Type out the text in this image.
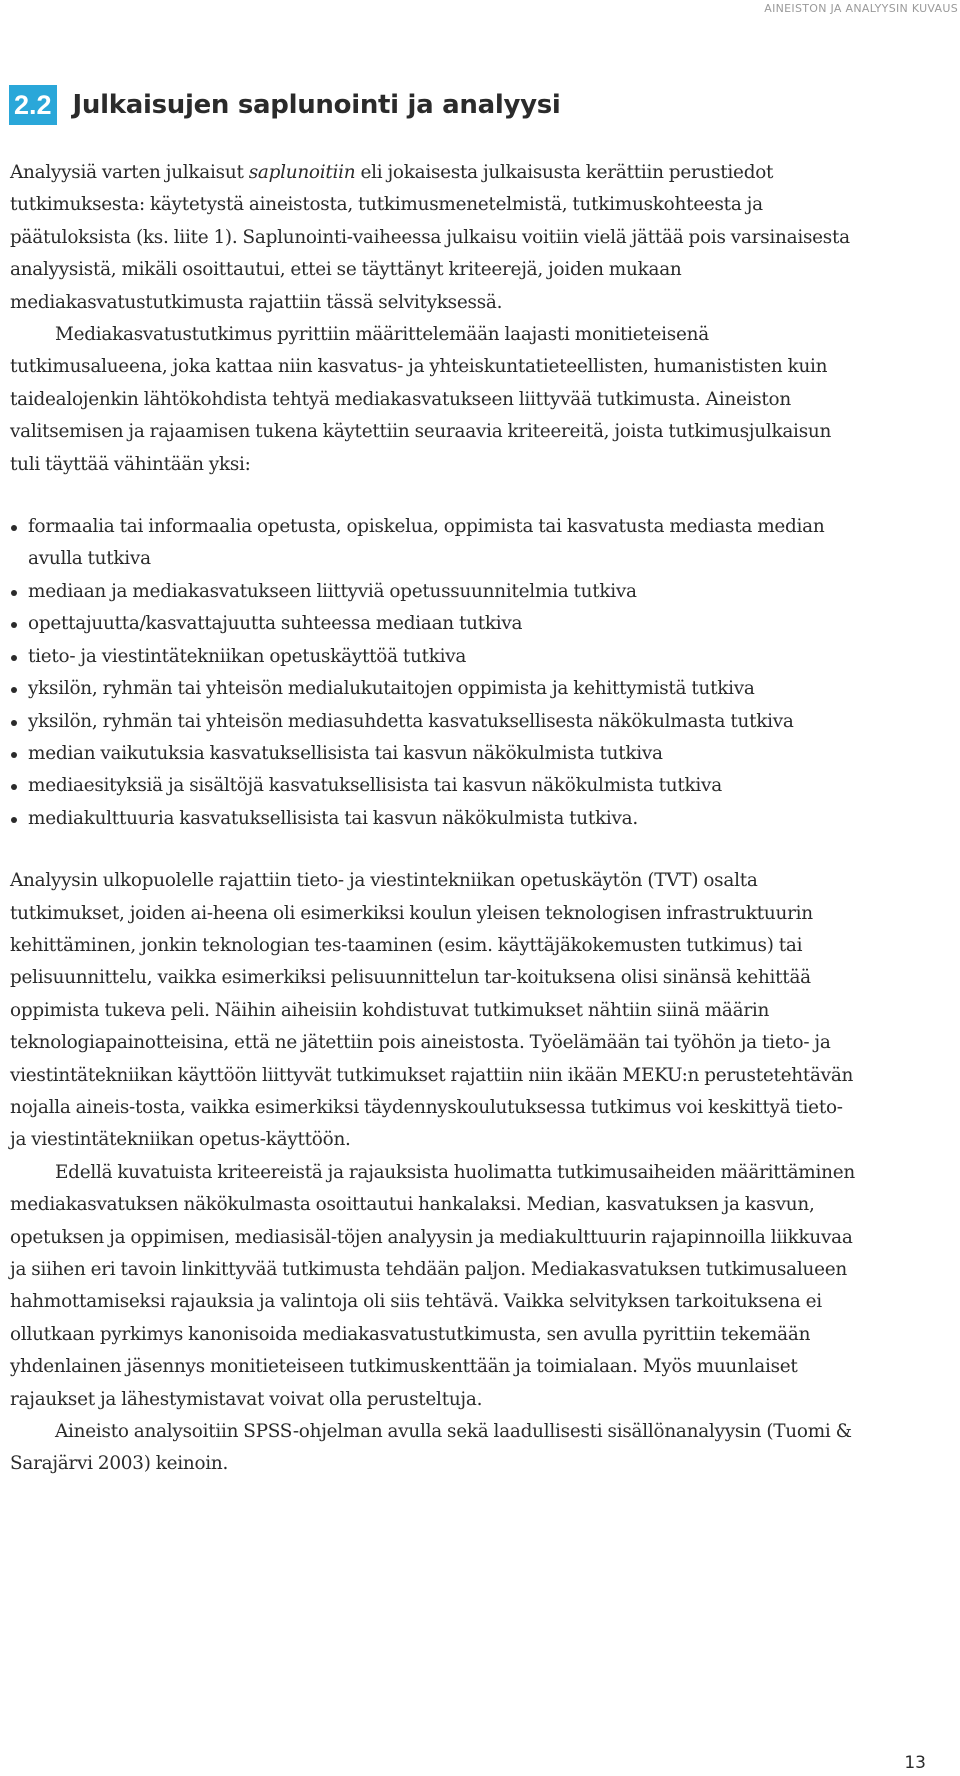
AINEISTON JA ANALYYSIN KUVAUS
2.2 Julkaisujen saplunointi ja analyysi

Analyysiä varten julkaisut saplunoitiin eli jokaisesta julkaisusta kerättiin perustiedot tutkimuksesta: käytetystä aineistosta, tutkimusmenetelmistä, tutkimuskohteesta ja päätuloksista (ks. liite 1). Saplunointi-vaiheessa julkaisu voitiin vielä jättää pois varsinaisesta analyysistä, mikäli osoittautui, ettei se täyttänyt kriteerejä, joiden mukaan mediakasvatustutkimusta rajattiin tässä selvityksessä.

Mediakasvatustutkimus pyrittiin määrittelemään laajasti monitieteisenä tutkimusalueena, joka kattaa niin kasvatus- ja yhteiskuntatieteellisten, humanististen kuin taidealojenkin lähtökohdista tehtyä mediakasvatukseen liittyvää tutkimusta. Aineiston valitsemisen ja rajaamisen tukena käytettiin seuraavia kriteereitä, joista tutkimusjulkaisun tuli täyttää vähintään yksi:

formaalia tai informaalia opetusta, opiskelua, oppimista tai kasvatusta mediasta median avulla tutkiva
mediaan ja mediakasvatukseen liittyviä opetussuunnitelmia tutkiva
opettajuutta/kasvattajuutta suhteessa mediaan tutkiva
tieto- ja viestintätekniikan opetuskäyttöä tutkiva
yksilön, ryhmän tai yhteisön medialukutaitojen oppimista ja kehittymistä tutkiva
yksilön, ryhmän tai yhteisön mediasuhdetta kasvatuksellisesta näkökulmasta tutkiva
median vaikutuksia kasvatuksellisista tai kasvun näkökulmista tutkiva
mediaesityksiä ja sisältöjä kasvatuksellisista tai kasvun näkökulmista tutkiva
mediakulttuuria kasvatuksellisista tai kasvun näkökulmista tutkiva.

Analyysin ulkopuolelle rajattiin tieto- ja viestintekniikan opetuskäytön (TVT) osalta tutkimukset, joiden ai-heena oli esimerkiksi koulun yleisen teknologisen infrastruktuurin kehittäminen, jonkin teknologian tes-taaminen (esim. käyttäjäkokemusten tutkimus) tai pelisuunnittelu, vaikka esimerkiksi pelisuunnittelun tar-koituksena olisi sinänsä kehittää oppimista tukeva peli. Näihin aiheisiin kohdistuvat tutkimukset nähtiin siinä määrin teknologiapainotteisina, että ne jätettiin pois aineistosta. Työelämään tai työhön ja tieto- ja viestintätekniikan käyttöön liittyvät tutkimukset rajattiin niin ikään MEKU:n perustetehtävän nojalla aineis-tosta, vaikka esimerkiksi täydennyskoulutuksessa tutkimus voi keskittyä tieto- ja viestintätekniikan opetus-käyttöön.

Edellä kuvatuista kriteereistä ja rajauksista huolimatta tutkimusaiheiden määrittäminen mediakasvatuksen näkökulmasta osoittautui hankalaksi. Median, kasvatuksen ja kasvun, opetuksen ja oppimisen, mediasisäl-töjen analyysin ja mediakulttuurin rajapinnoilla liikkuvaa ja siihen eri tavoin linkittyvää tutkimusta tehdään paljon. Mediakasvatuksen tutkimusalueen hahmottamiseksi rajauksia ja valintoja oli siis tehtävä. Vaikka selvityksen tarkoituksena ei ollutkaan pyrkimys kanonisoida mediakasvatustutkimusta, sen avulla pyrittiin tekemään yhdenlainen jäsennys monitieteiseen tutkimuskenttään ja toimialaan. Myös muunlaiset rajaukset ja lähestymistavat voivat olla perusteltuja.

Aineisto analysoitiin SPSS-ohjelman avulla sekä laadullisesti sisällönanalyysin (Tuomi & Sarajärvi 2003) keinoin.

13
